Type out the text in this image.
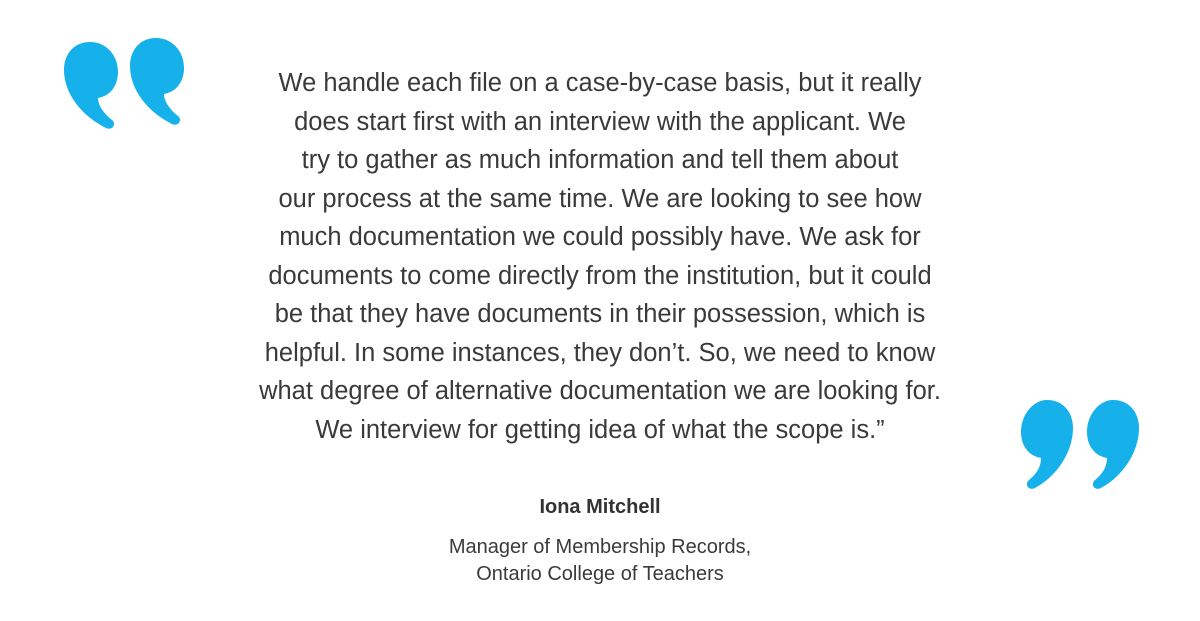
We handle each file on a case-by-case basis, but it really
does start first with an interview with the applicant. We
try to gather as much information and tell them about
our process at the same time. We are looking to see how
much documentation we could possibly have. We ask for
documents to come directly from the institution, but it could
be that they have documents in their possession, which is
helpful. In some instances, they don’t. So, we need to know
what degree of alternative documentation we are looking for.
We interview for getting idea of what the scope is.”

Iona Mitchell
Manager of Membership Records,
Ontario College of Teachers
